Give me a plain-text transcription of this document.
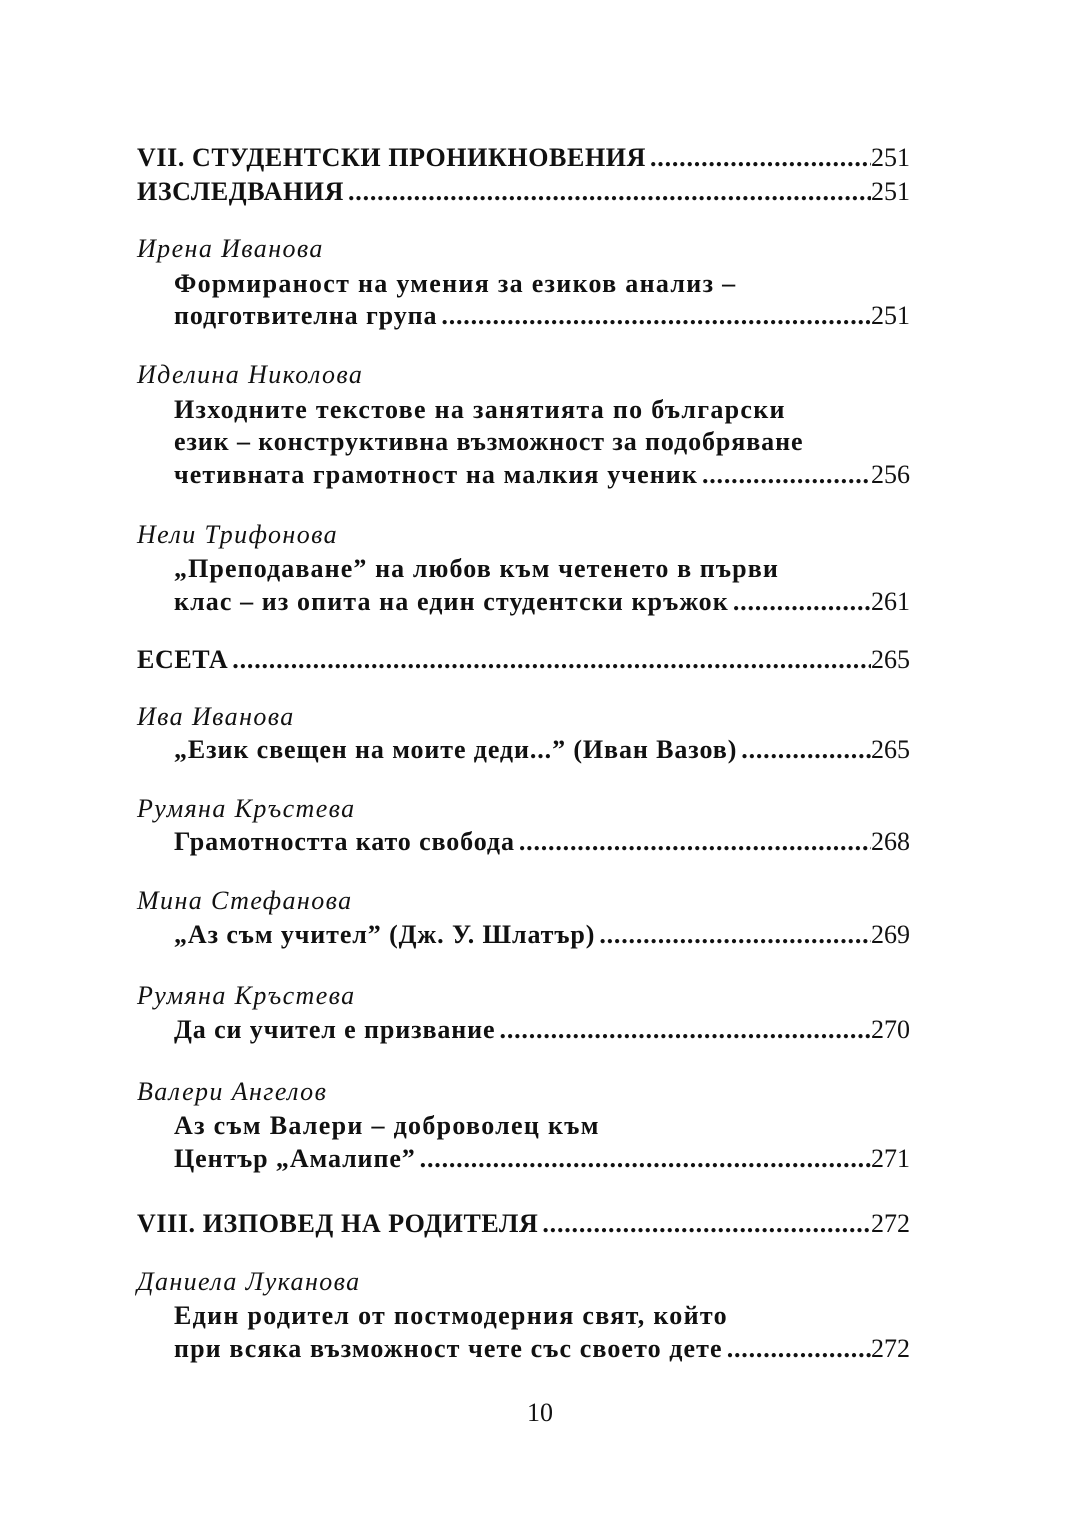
VII. СТУДЕНТСКИ ПРОНИКНОВЕНИЯ .....	251
ИЗСЛЕДВАНИЯ .....	251
Ирена Иванова
Формираност на умения за езиков анализ –
подготвителна група .....	251
Иделина Николова
Изходните текстове на занятията по български
език – конструктивна възможност за подобряване
четивната грамотност на малкия ученик .....	256
Нели Трифонова
„Преподаване” на любов към четенето в първи
клас – из опита на един студентски кръжок .....	261
ЕСЕТА .....	265
Ива Иванова
„Език свещен на моите деди...” (Иван Вазов) .....	265
Румяна Кръстева
Грамотността като свобода .....	268
Мина Стефанова
„Аз съм учител” (Дж. У. Шлатър) .....	269
Румяна Кръстева
Да си учител е призвание .....	270
Валери Ангелов
Аз съм Валери – доброволец към
Център „Амалипе” .....	271
VIII. ИЗПОВЕД НА РОДИТЕЛЯ .....	272
Даниела Луканова
Един родител от постмодерния свят, който
при всяка възможност чете със своето дете .....	272
10
